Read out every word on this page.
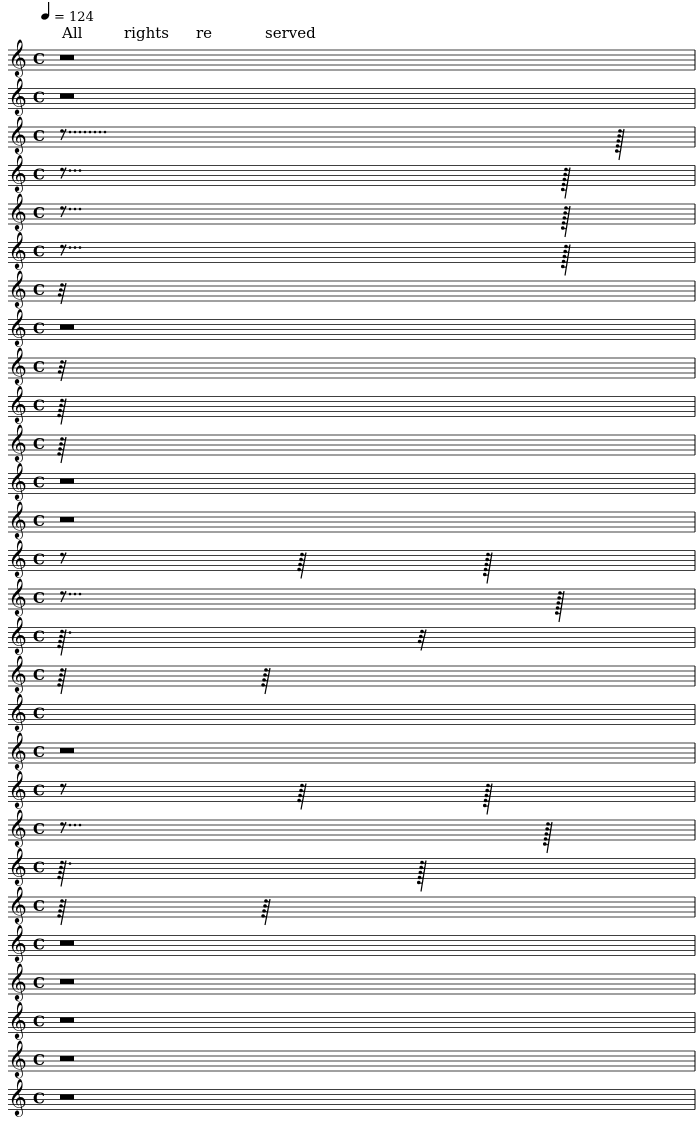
= 124
All	rights re	served
𝄞 C
𝄞 C
𝄞 C
𝄞 C
𝄞 C
𝄞 C
𝄞 C
𝄞 C
𝄞 C
𝄞 C
𝄞 C
𝄞 C
𝄞 C
𝄞 C
𝄞 C
𝄞 C
𝄞 C
𝄞 C
𝄞 C
𝄞 C
𝄞 C
𝄞 C
𝄞 C
𝄞 C
𝄞 C
𝄞 C
𝄞 C
𝄞 C
